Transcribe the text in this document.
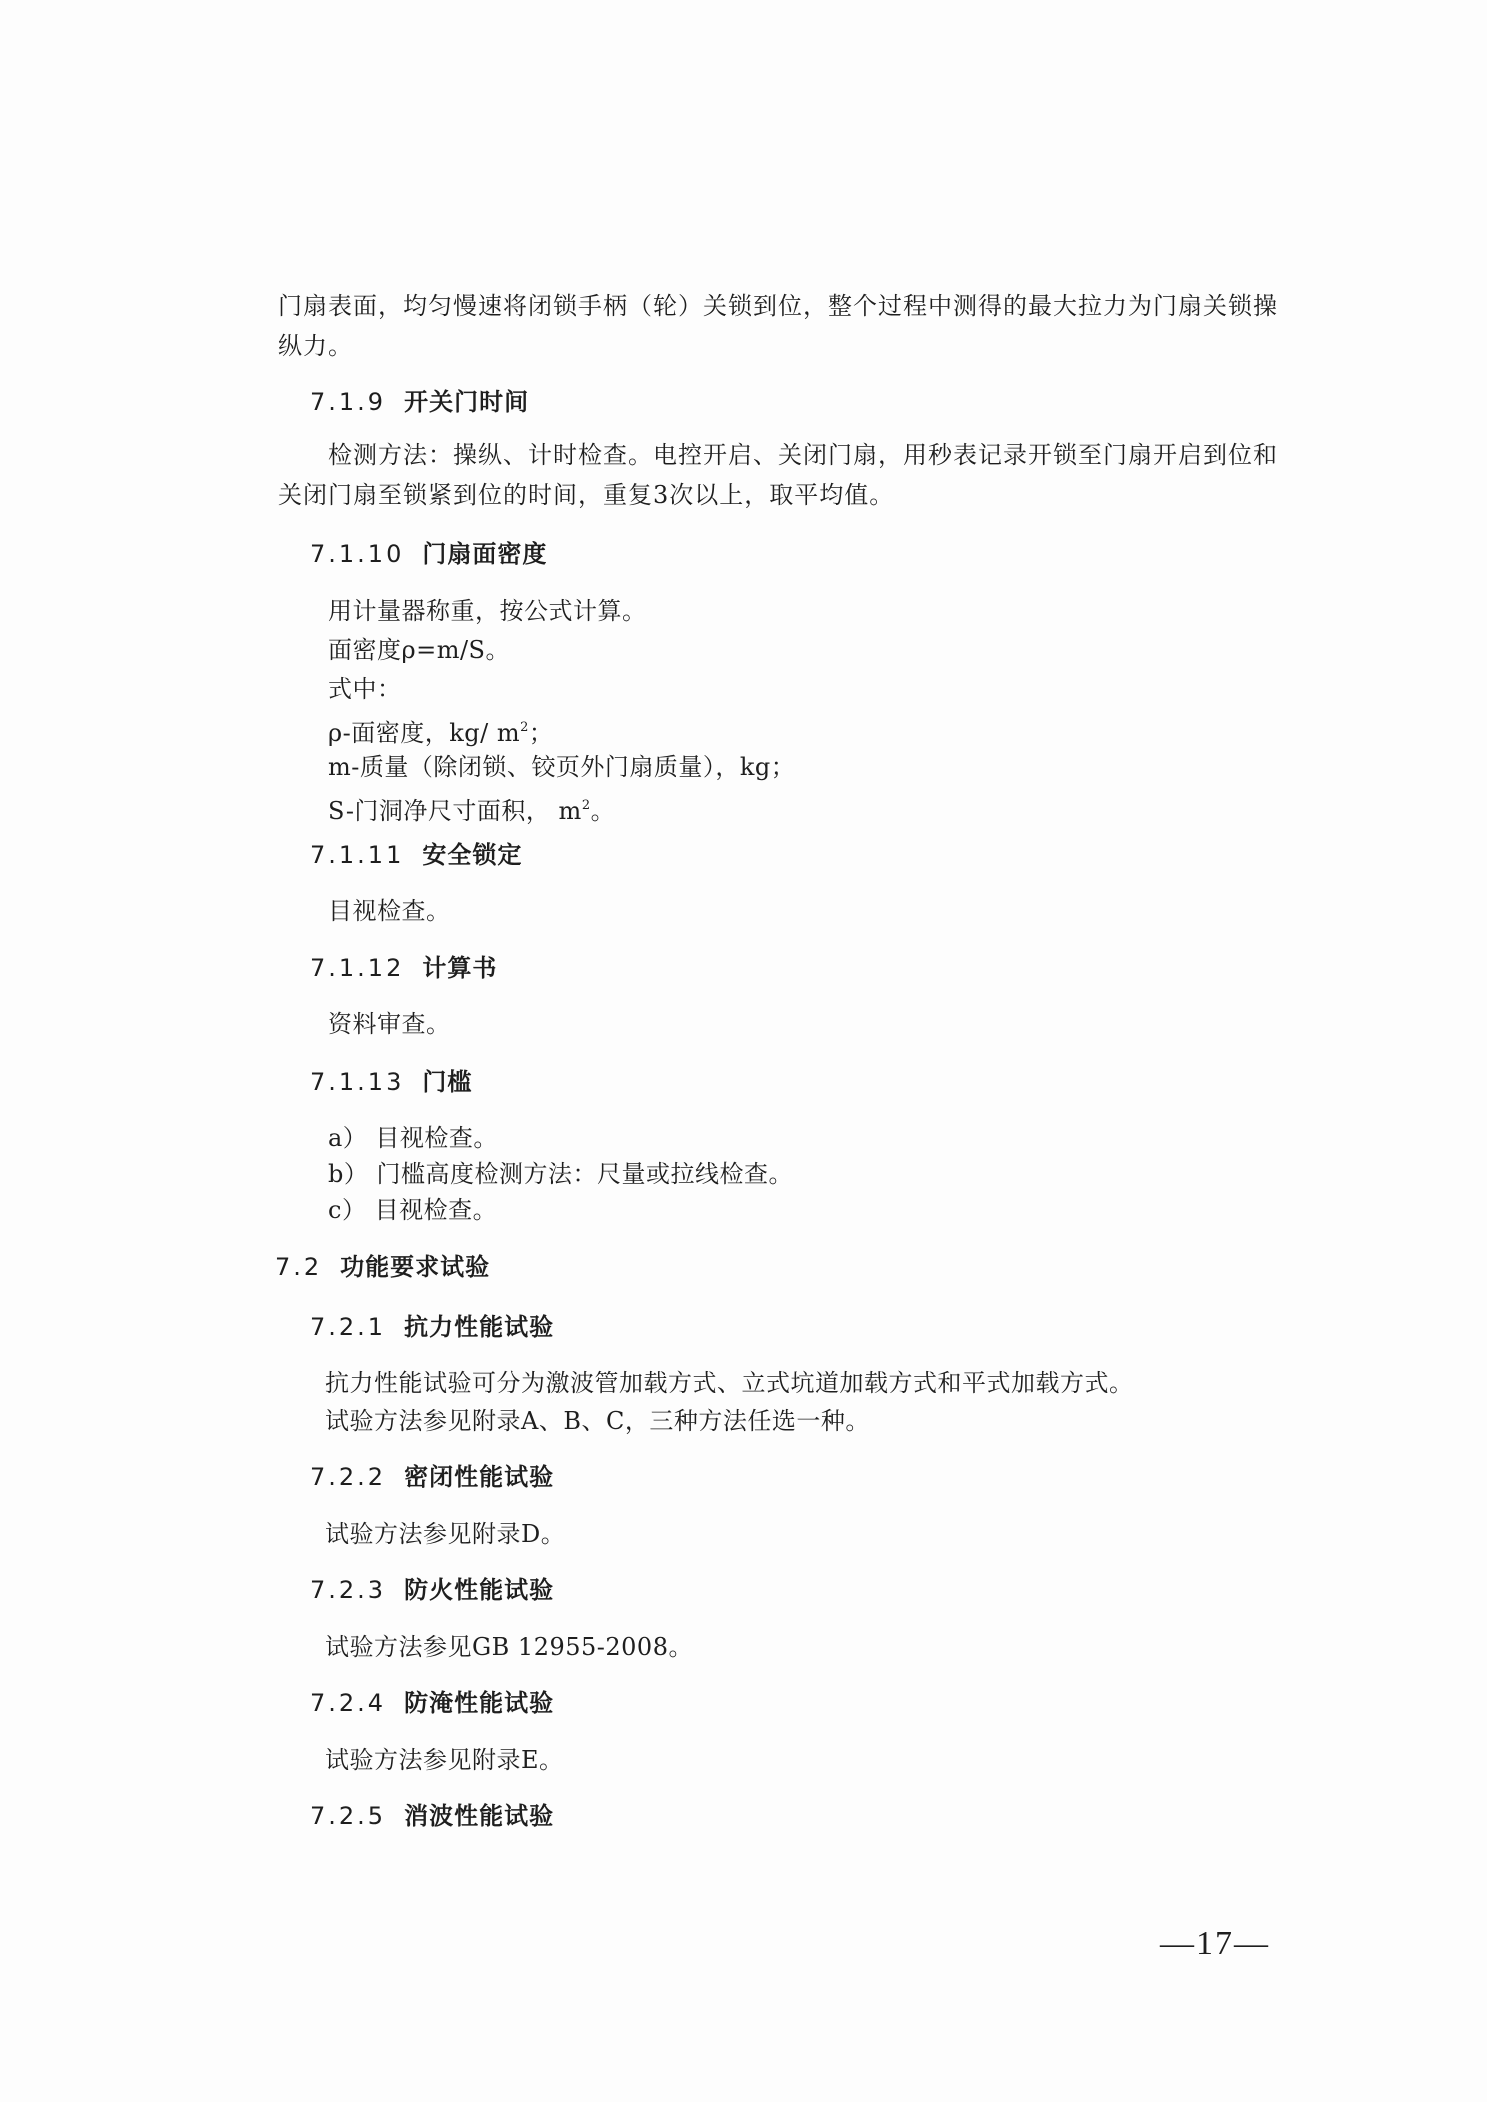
门扇表面，均匀慢速将闭锁手柄（轮）关锁到位，整个过程中测得的最大拉力为门扇关锁操纵力。
7.1.9 开关门时间
检测方法：操纵、计时检查。电控开启、关闭门扇，用秒表记录开锁至门扇开启到位和关闭门扇至锁紧到位的时间，重复3次以上，取平均值。
7.1.10 门扇面密度
用计量器称重，按公式计算。
面密度ρ=m/S。
式中：
ρ-面密度，kg/ $m^2$；
m-质量（除闭锁、铰页外门扇质量），kg；
S-门洞净尺寸面积， $m^2$。
7.1.11 安全锁定
目视检查。
7.1.12 计算书
资料审查。
7.1.13 门槛
a） 目视检查。
b） 门槛高度检测方法：尺量或拉线检查。
c） 目视检查。
7.2 功能要求试验
7.2.1 抗力性能试验
抗力性能试验可分为激波管加载方式、立式坑道加载方式和平式加载方式。
试验方法参见附录A、B、C，三种方法任选一种。
7.2.2 密闭性能试验
试验方法参见附录D。
7.2.3 防火性能试验
试验方法参见GB 12955-2008。
7.2.4 防淹性能试验
试验方法参见附录E。
7.2.5 消波性能试验
—17—
